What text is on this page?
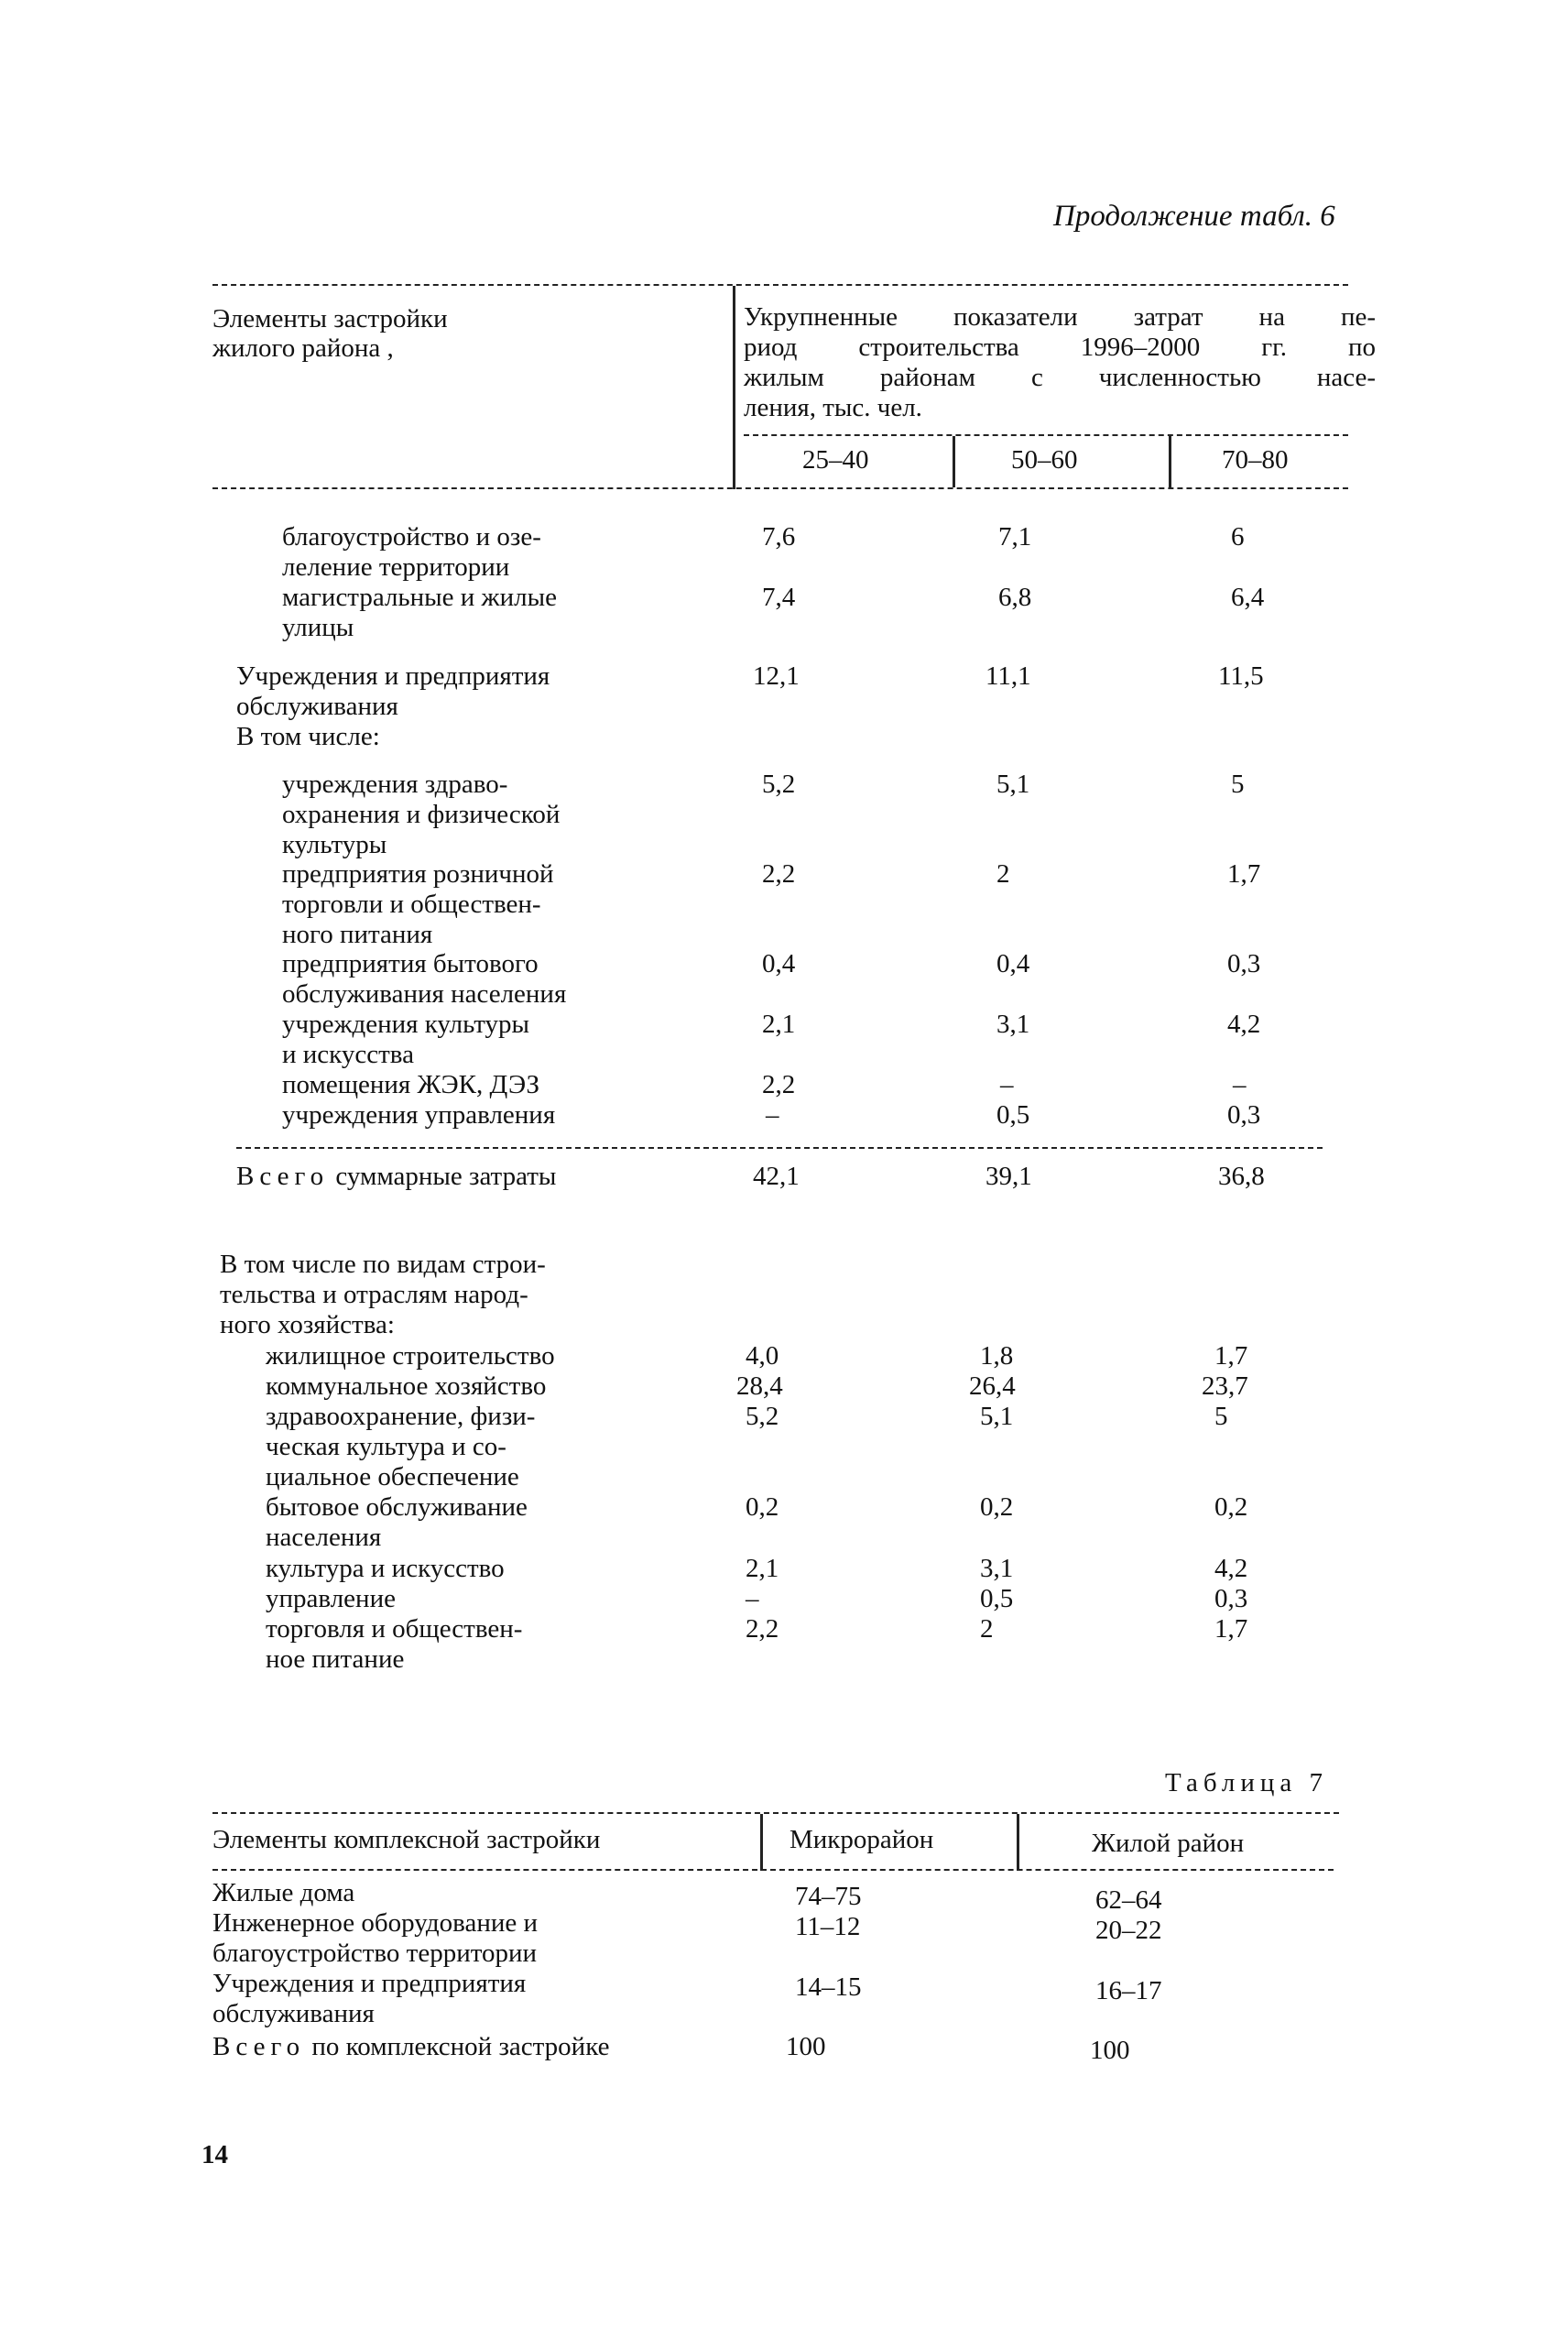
Продолжение табл. 6
Элементы застройки
жилого района ,
Укрупненные показатели затрат на пе-
риод строительства 1996–2000 гг. по
жилым районам с численностью насе-
ления, тыс. чел.
25–40	50–60	70–80
благоустройство и озе-
леление территории
7,6	7,1	6
магистральные и жилые
улицы
7,4	6,8	6,4
Учреждения и предприятия
обслуживания
В том числе:
12,1	11,1	11,5
учреждения здраво-
охранения и физической
культуры
5,2	5,1	5
предприятия розничной
торговли и обществен-
ного питания
2,2	2	1,7
предприятия бытового
обслуживания населения
0,4	0,4	0,3
учреждения культуры
и искусства
2,1	3,1	4,2
помещения ЖЭК, ДЭЗ	2,2	–	–
учреждения управления	–	0,5	0,3
Всего суммарные затраты	42,1	39,1	36,8
В том числе по видам строи-
тельства и отраслям народ-
ного хозяйства:
жилищное строительство	4,0	1,8	1,7
коммунальное хозяйство	28,4	26,4	23,7
здравоохранение, физи-
ческая культура и со-
циальное обеспечение
5,2	5,1	5
бытовое обслуживание
населения
0,2	0,2	0,2
культура и искусство	2,1	3,1	4,2
управление	–	0,5	0,3
торговля и обществен-
ное питание
2,2	2	1,7
Таблица 7
Элементы комплексной застройки	Микрорайон	Жилой район
Жилые дома	74–75	62–64
Инженерное оборудование и
благоустройство территории
11–12	20–22
Учреждения и предприятия
обслуживания
14–15	16–17
Всего по комплексной застройке	100	100
14
